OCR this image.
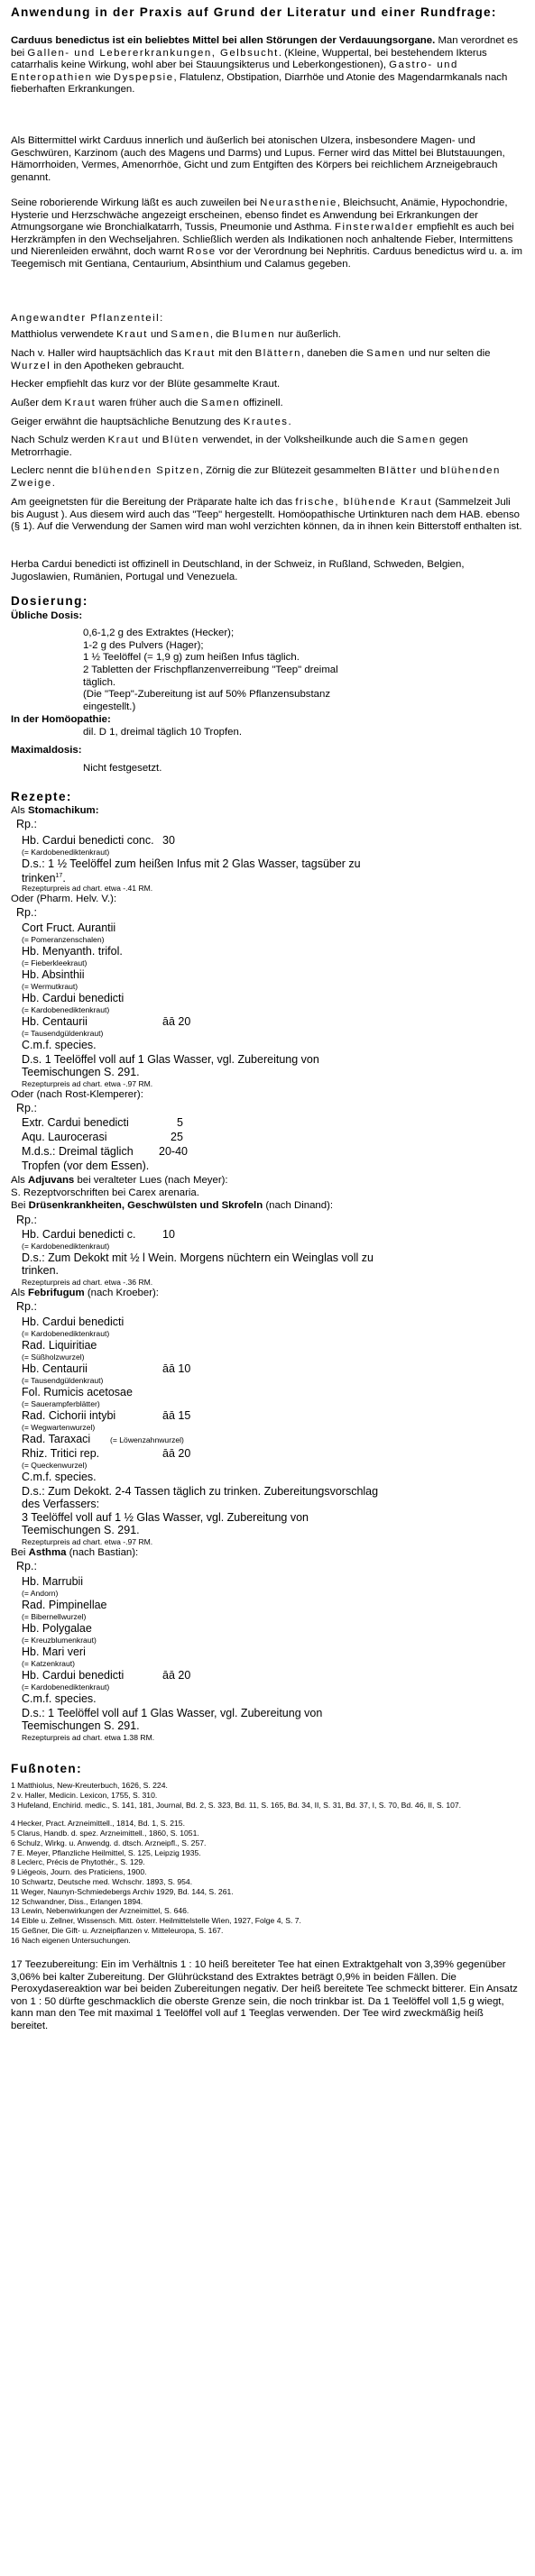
Anwendung in der Praxis auf Grund der Literatur und einer Rundfrage:

Carduus benedictus ist ein beliebtes Mittel bei allen Störungen der Verdauungsorgane. Man verordnet es bei Gallen- und Lebererkrankungen, Gelbsucht. (Kleine, Wuppertal, bei bestehendem Ikterus catarrhalis keine Wirkung, wohl aber bei Stauungsikterus und Leberkongestionen), Gastro- und Enteropathien wie Dyspepsie, Flatulenz, Obstipation, Diarrhöe und Atonie des Magendarmkanals nach fieberhaften Erkrankungen.

Als Bittermittel wirkt Carduus innerlich und äußerlich bei atonischen Ulzera, insbesondere Magen- und Geschwüren, Karzinom (auch des Magens und Darms) und Lupus. Ferner wird das Mittel bei Blutstauungen, Hämorrhoiden, Vermes, Amenorrhöe, Gicht und zum Entgiften des Körpers bei reichlichem Arzneigebrauch genannt.

Seine roborierende Wirkung läßt es auch zuweilen bei Neurasthenie, Bleichsucht, Anämie, Hypochondrie, Hysterie und Herzschwäche angezeigt erscheinen, ebenso findet es Anwendung bei Erkrankungen der Atmungsorgane wie Bronchialkatarrh, Tussis, Pneumonie und Asthma. Finsterwalder empfiehlt es auch bei Herzkrämpfen in den Wechseljahren. Schließlich werden als Indikationen noch anhaltende Fieber, Intermittens und Nierenleiden erwähnt, doch warnt Rose vor der Verordnung bei Nephritis. Carduus benedictus wird u. a. im Teegemisch mit Gentiana, Centaurium, Absinthium und Calamus gegeben.

Angewandter Pflanzenteil:

Matthiolus verwendete Kraut und Samen, die Blumen nur äußerlich.

Nach v. Haller wird hauptsächlich das Kraut mit den Blättern, daneben die Samen und nur selten die Wurzel in den Apotheken gebraucht.

Hecker empfiehlt das kurz vor der Blüte gesammelte Kraut.

Außer dem Kraut waren früher auch die Samen offizinell.

Geiger erwähnt die hauptsächliche Benutzung des Krautes.

Nach Schulz werden Kraut und Blüten verwendet, in der Volksheilkunde auch die Samen gegen Metrorrhagie.

Leclerc nennt die blühenden Spitzen, Zörnig die zur Blütezeit gesammelten Blätter und blühenden Zweige.

Am geeignetsten für die Bereitung der Präparate halte ich das frische, blühende Kraut (Sammelzeit Juli bis August ). Aus diesem wird auch das "Teep" hergestellt. Homöopathische Urtinkturen nach dem HAB. ebenso (§ 1). Auf die Verwendung der Samen wird man wohl verzichten können, da in ihnen kein Bitterstoff enthalten ist.

Herba Cardui benedicti ist offizinell in Deutschland, in der Schweiz, in Rußland, Schweden, Belgien, Jugoslawien, Rumänien, Portugal und Venezuela.

Dosierung:
Übliche Dosis:
0,6-1,2 g des Extraktes (Hecker);
1-2 g des Pulvers (Hager);
1 ½ Teelöffel (= 1,9 g) zum heißen Infus täglich.
2 Tabletten der Frischpflanzenverreibung "Teep" dreimal
täglich.
(Die "Teep"-Zubereitung ist auf 50% Pflanzensubstanz
eingestellt.)
In der Homöopathie:
dil. D 1, dreimal täglich 10 Tropfen.
Maximaldosis:
Nicht festgesetzt.
Rezepte:
Als Stomachikum:
Rp.:
Hb. Cardui benedicti conc. 30
(= Kardobenediktenkraut)
D.s.: 1 ½ Teelöffel zum heißen Infus mit 2 Glas Wasser, tagsüber zu
trinken$^{17}$.
Rezepturpreis ad chart. etwa -.41 RM.
Oder (Pharm. Helv. V.):
Rp.:
Cort Fruct. Aurantii
(= Pomeranzenschalen)
Hb. Menyanth. trifol.
(= Fieberkleekraut)
Hb. Absinthii
(= Wermutkraut)
Hb. Cardui benedicti
(= Kardobenediktenkraut)
Hb. Centaurii	āā 20
(= Tausendgüldenkraut)
C.m.f. species.
D.s. 1 Teelöffel voll auf 1 Glas Wasser, vgl. Zubereitung von
Teemischungen S. 291.
Rezepturpreis ad chart. etwa -.97 RM.
Oder (nach Rost-Klemperer):
Rp.:
Extr. Cardui benedicti	5
Aqu. Laurocerasi	25
M.d.s.: Dreimal täglich 20-40
Tropfen (vor dem Essen).
Als Adjuvans bei veralteter Lues (nach Meyer):
S. Rezeptvorschriften bei Carex arenaria.
Bei Drüsenkrankheiten, Geschwülsten und Skrofeln (nach Dinand):
Rp.:
Hb. Cardui benedicti c. 10
(= Kardobenediktenkraut)
D.s.: Zum Dekokt mit ½ l Wein. Morgens nüchtern ein Weinglas voll zu
trinken.
Rezepturpreis ad chart. etwa -.36 RM.
Als Febrifugum (nach Kroeber):
Rp.:
Hb. Cardui benedicti
(= Kardobenediktenkraut)
Rad. Liquiritiae
(= Süßholzwurzel)
Hb. Centaurii	āā 10
(= Tausendgüldenkraut)
Fol. Rumicis acetosae
(= Sauerampferblätter)
Rad. Cichorii intybi	āā 15
(= Wegwartenwurzel)
Rad. Taraxaci	(= Löwenzahnwurzel)
Rhiz. Tritici rep.	āā 20
(= Queckenwurzel)
C.m.f. species.
D.s.: Zum Dekokt. 2-4 Tassen täglich zu trinken. Zubereitungsvorschlag
des Verfassers:
3 Teelöffel voll auf 1 ½ Glas Wasser, vgl. Zubereitung von
Teemischungen S. 291.
Rezepturpreis ad chart. etwa -.97 RM.
Bei Asthma (nach Bastian):
Rp.:
Hb. Marrubii
(= Andorn)
Rad. Pimpinellae
(= Bibernellwurzel)
Hb. Polygalae
(= Kreuzblumenkraut)
Hb. Mari veri
(= Katzenkraut)
Hb. Cardui benedicti	āā 20
(= Kardobenediktenkraut)
C.m.f. species.
D.s.: 1 Teelöffel voll auf 1 Glas Wasser, vgl. Zubereitung von
Teemischungen S. 291.
Rezepturpreis ad chart. etwa 1.38 RM.
Fußnoten:
1 Matthiolus, New-Kreuterbuch, 1626, S. 224.
2 v. Haller, Medicin. Lexicon, 1755, S. 310.
3 Hufeland, Enchirid. medic., S. 141, 181, Journal, Bd. 2, S. 323, Bd. 11, S. 165, Bd. 34, II, S. 31, Bd. 37, I, S. 70, Bd. 46, II, S. 107.
4 Hecker, Pract. Arzneimittell., 1814, Bd. 1, S. 215.
5 Clarus, Handb. d. spez. Arzneimittell., 1860, S. 1051.
6 Schulz, Wirkg. u. Anwendg. d. dtsch. Arzneipfl., S. 257.
7 E. Meyer, Pflanzliche Heilmittel, S. 125, Leipzig 1935.
8 Leclerc, Précis de Phytothér., S. 129.
9 Liégeois, Journ. des Praticiens, 1900.
10 Schwartz, Deutsche med. Wchschr. 1893, S. 954.
11 Weger, Naunyn-Schmiedebergs Archiv 1929, Bd. 144, S. 261.
12 Schwandner, Diss., Erlangen 1894.
13 Lewin, Nebenwirkungen der Arzneimittel, S. 646.
14 Eible u. Zellner, Wissensch. Mitt. österr. Heilmittelstelle Wien, 1927, Folge 4, S. 7.
15 Geßner, Die Gift- u. Arzneipflanzen v. Mitteleuropa, S. 167.
16 Nach eigenen Untersuchungen.

17 Teezubereitung: Ein im Verhältnis 1 : 10 heiß bereiteter Tee hat einen Extraktgehalt von 3,39% gegenüber 3,06% bei kalter Zubereitung. Der Glührückstand des Extraktes beträgt 0,9% in beiden Fällen. Die Peroxydasereaktion war bei beiden Zubereitungen negativ. Der heiß bereitete Tee schmeckt bitterer. Ein Ansatz von 1 : 50 dürfte geschmacklich die oberste Grenze sein, die noch trinkbar ist. Da 1 Teelöffel voll 1,5 g wiegt, kann man den Tee mit maximal 1 Teelöffel voll auf 1 Teeglas verwenden. Der Tee wird zweckmäßig heiß bereitet.
